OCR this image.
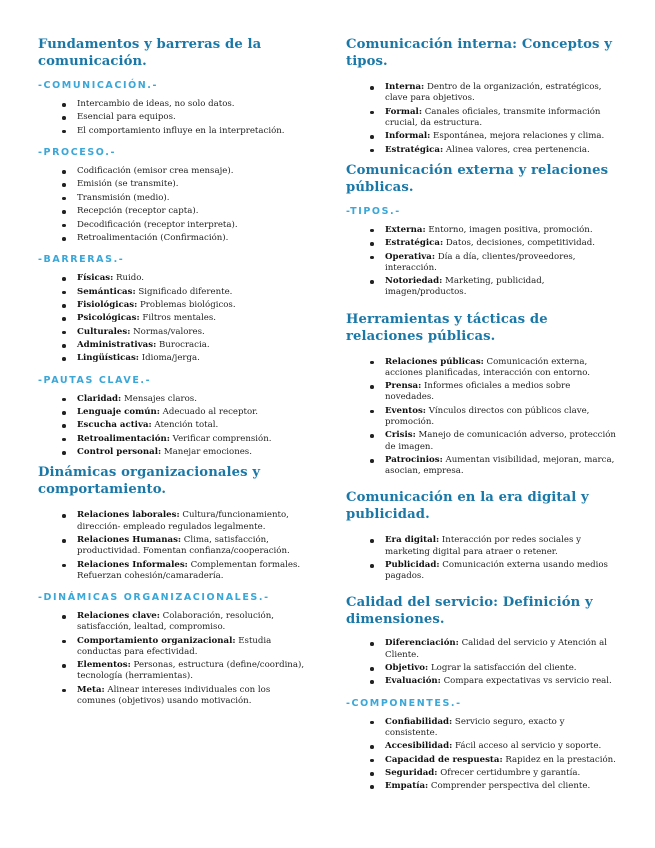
Fundamentos y barreras de la comunicación.
-COMUNICACIÓN.-
Intercambio de ideas, no solo datos.
Esencial para equipos.
El comportamiento influye en la interpretación.
-PROCESO.-
Codificación (emisor crea mensaje).
Emisión (se transmite).
Transmisión (medio).
Recepción (receptor capta).
Decodificación (receptor interpreta).
Retroalimentación (Confirmación).
-BARRERAS.-
Físicas: Ruido.
Semánticas: Significado diferente.
Fisiológicas: Problemas biológicos.
Psicológicas: Filtros mentales.
Culturales: Normas/valores.
Administrativas: Burocracia.
Lingüísticas: Idioma/jerga.
-PAUTAS CLAVE.-
Claridad: Mensajes claros.
Lenguaje común: Adecuado al receptor.
Escucha activa: Atención total.
Retroalimentación: Verificar comprensión.
Control personal: Manejar emociones.
Dinámicas organizacionales y comportamiento.
Relaciones laborales: Cultura/funcionamiento, dirección- empleado regulados legalmente.
Relaciones Humanas: Clima, satisfacción, productividad. Fomentan confianza/cooperación.
Relaciones Informales: Complementan formales. Refuerzan cohesión/camaradería.
-DINÁMICAS ORGANIZACIONALES.-
Relaciones clave: Colaboración, resolución, satisfacción, lealtad, compromiso.
Comportamiento organizacional: Estudia conductas para efectividad.
Elementos: Personas, estructura (define/coordina), tecnología (herramientas).
Meta: Alinear intereses individuales con los comunes (objetivos) usando motivación.
Comunicación interna: Conceptos y tipos.
Interna: Dentro de la organización, estratégicos, clave para objetivos.
Formal: Canales oficiales, transmite información crucial, da estructura.
Informal: Espontánea, mejora relaciones y clima.
Estratégica: Alinea valores, crea pertenencia.
Comunicación externa y relaciones públicas.
-TIPOS.-
Externa: Entorno, imagen positiva, promoción.
Estratégica: Datos, decisiones, competitividad.
Operativa: Día a día, clientes/proveedores, interacción.
Notoriedad: Marketing, publicidad, imagen/productos.
Herramientas y tácticas de relaciones públicas.
Relaciones públicas: Comunicación externa, acciones planificadas, interacción con entorno.
Prensa: Informes oficiales a medios sobre novedades.
Eventos: Vínculos directos con públicos clave, promoción.
Crisis: Manejo de comunicación adverso, protección de imagen.
Patrocinios: Aumentan visibilidad, mejoran, marca, asocian, empresa.
Comunicación en la era digital y publicidad.
Era digital: Interacción por redes sociales y marketing digital para atraer o retener.
Publicidad: Comunicación externa usando medios pagados.
Calidad del servicio: Definición y dimensiones.
Diferenciación: Calidad del servicio y Atención al Cliente.
Objetivo: Lograr la satisfacción del cliente.
Evaluación: Compara expectativas vs servicio real.
-COMPONENTES.-
Confiabilidad: Servicio seguro, exacto y consistente.
Accesibilidad: Fácil acceso al servicio y soporte.
Capacidad de respuesta: Rapidez en la prestación.
Seguridad: Ofrecer certidumbre y garantía.
Empatía: Comprender perspectiva del cliente.
